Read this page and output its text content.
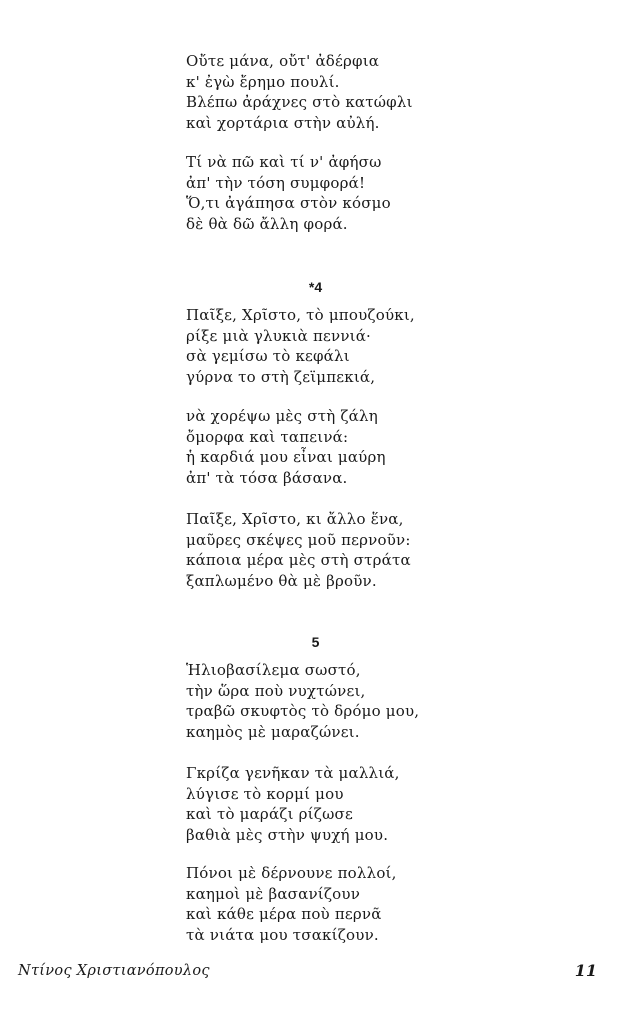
Οὔτε μάνα, οὔτ' ἀδέρφια
κ' ἐγὼ ἔρημο πουλί.
Βλέπω ἀράχνες στὸ κατώφλι
καὶ χορτάρια στὴν αὐλή.
Τί νὰ πῶ καὶ τί ν' ἀφήσω
ἀπ' τὴν τόση συμφορά!
Ὅ,τι ἀγάπησα στὸν κόσμο
δὲ θὰ δῶ ἄλλη φορά.
*4
Παῖξε, Χρῖστο, τὸ μπουζούκι,
ρίξε μιὰ γλυκιὰ πεννιά·
σὰ γεμίσω τὸ κεφάλι
γύρνα το στὴ ζεϊμπεκιά,
νὰ χορέψω μὲς στὴ ζάλη
ὄμορφα καὶ ταπεινά:
ἡ καρδιά μου εἶναι μαύρη
ἀπ' τὰ τόσα βάσανα.
Παῖξε, Χρῖστο, κι ἄλλο ἕνα,
μαῦρες σκέψες μοῦ περνοῦν:
κάποια μέρα μὲς στὴ στράτα
ξαπλωμένο θὰ μὲ βροῦν.
5
Ἡλιοβασίλεμα σωστό,
τὴν ὥρα ποὺ νυχτώνει,
τραβῶ σκυφτὸς τὸ δρόμο μου,
καημὸς μὲ μαραζώνει.
Γκρίζα γενῆκαν τὰ μαλλιά,
λύγισε τὸ κορμί μου
καὶ τὸ μαράζι ρίζωσε
βαθιὰ μὲς στὴν ψυχή μου.
Πόνοι μὲ δέρνουνε πολλοί,
καημοὶ μὲ βασανίζουν
καὶ κάθε μέρα ποὺ περνᾶ
τὰ νιάτα μου τσακίζουν.
Ντίνος Χριστιανόπουλος	11
